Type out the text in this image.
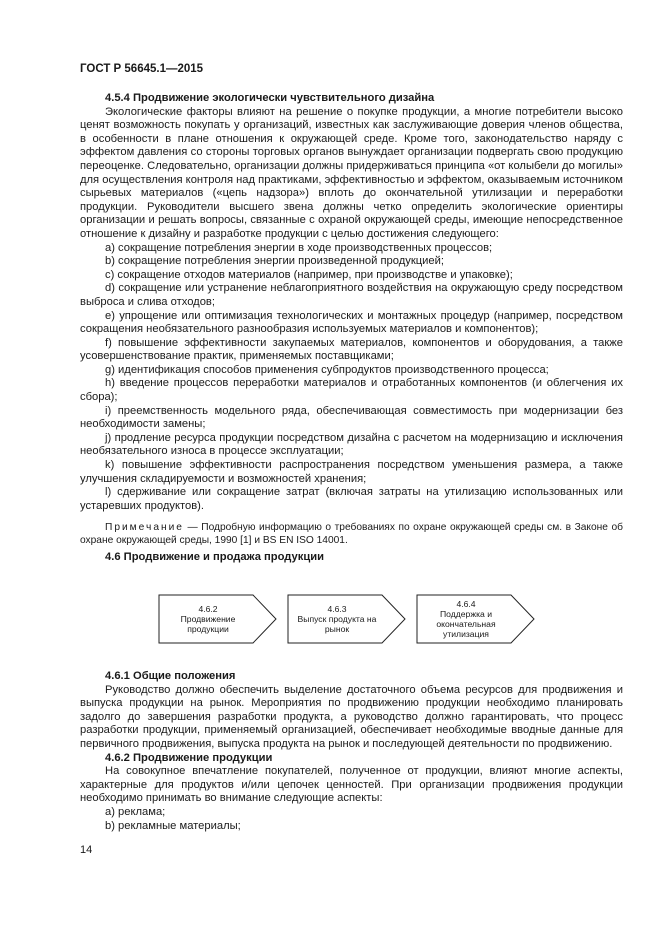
ГОСТ Р 56645.1—2015
4.5.4 Продвижение экологически чувствительного дизайна

Экологические факторы влияют на решение о покупке продукции, а многие потребители высоко ценят возможность покупать у организаций, известных как заслуживающие доверия членов общества, в особенности в плане отношения к окружающей среде. Кроме того, законодательство наряду с эффектом давления со стороны торговых органов вынуждает организации подвергать свою продукцию переоценке. Следовательно, организации должны придерживаться принципа «от колыбели до могилы» для осуществления контроля над практиками, эффективностью и эффектом, оказываемым источником сырьевых материалов («цепь надзора») вплоть до окончательной утилизации и переработки продукции. Руководители высшего звена должны четко определить экологические ориентиры организации и решать вопросы, связанные с охраной окружающей среды, имеющие непосредственное отношение к дизайну и разработке продукции с целью достижения следующего:

a) сокращение потребления энергии в ходе производственных процессов;

b) сокращение потребления энергии произведенной продукцией;

c) сокращение отходов материалов (например, при производстве и упаковке);

d) сокращение или устранение неблагоприятного воздействия на окружающую среду посредством выброса и слива отходов;

e) упрощение или оптимизация технологических и монтажных процедур (например, посредством сокращения необязательного разнообразия используемых материалов и компонентов);

f) повышение эффективности закупаемых материалов, компонентов и оборудования, а также усовершенствование практик, применяемых поставщиками;

g) идентификация способов применения субпродуктов производственного процесса;

h) введение процессов переработки материалов и отработанных компонентов (и облегчения их сбора);

i) преемственность модельного ряда, обеспечивающая совместимость при модернизации без необходимости замены;

j) продление ресурса продукции посредством дизайна с расчетом на модернизацию и исключения необязательного износа в процессе эксплуатации;

k) повышение эффективности распространения посредством уменьшения размера, а также улучшения складируемости и возможностей хранения;

l) сдерживание или сокращение затрат (включая затраты на утилизацию использованных или устаревших продуктов).

Примечание — Подробную информацию о требованиях по охране окружающей среды см. в Законе об охране окружающей среды, 1990 [1] и BS EN ISO 14001.

4.6 Продвижение и продажа продукции
4.6.2
Продвижение продукции
4.6.3
Выпуск продукта на рынок
4.6.4
Поддержка и окончательная утилизация
4.6.1 Общие положения

Руководство должно обеспечить выделение достаточного объема ресурсов для продвижения и выпуска продукции на рынок. Мероприятия по продвижению продукции необходимо планировать задолго до завершения разработки продукта, а руководство должно гарантировать, что процесс разработки продукции, применяемый организацией, обеспечивает необходимые вводные данные для первичного продвижения, выпуска продукта на рынок и последующей деятельности по продвижению.

4.6.2 Продвижение продукции

На совокупное впечатление покупателей, полученное от продукции, влияют многие аспекты, характерные для продуктов и/или цепочек ценностей. При организации продвижения продукции необходимо принимать во внимание следующие аспекты:

a) реклама;

b) рекламные материалы;

14
